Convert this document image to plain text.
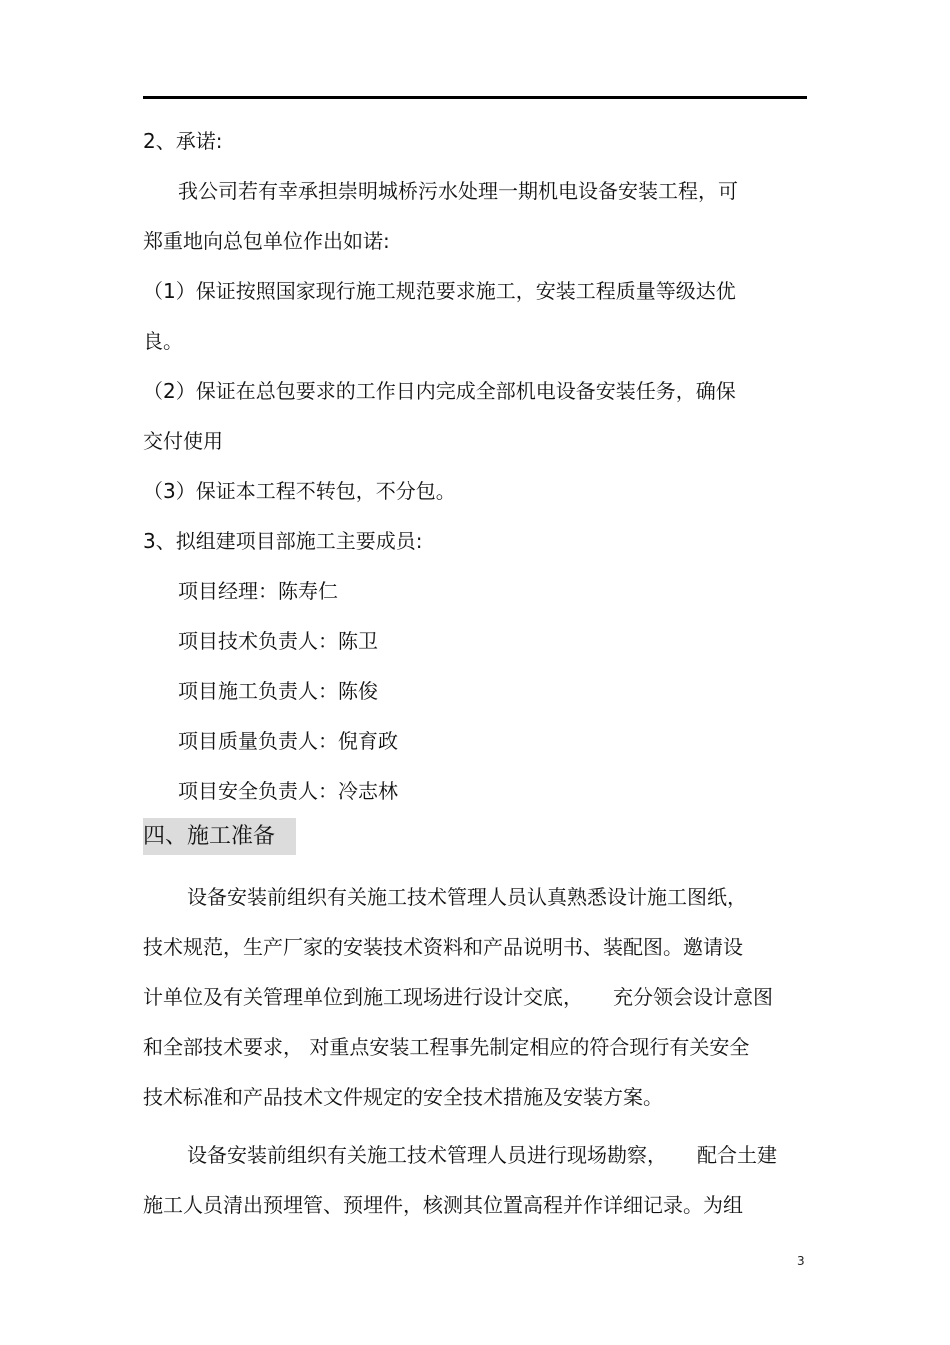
2、承诺:
我公司若有幸承担崇明城桥污水处理一期机电设备安装工程，可
郑重地向总包单位作出如诺:
（1）保证按照国家现行施工规范要求施工，安装工程质量等级达优
良。
（2）保证在总包要求的工作日内完成全部机电设备安装任务，确保
交付使用
（3）保证本工程不转包，不分包。
3、拟组建项目部施工主要成员:
项目经理：陈寿仁
项目技术负责人：陈卫
项目施工负责人：陈俊
项目质量负责人：倪育政
项目安全负责人：冷志林
四、施工准备
设备安装前组织有关施工技术管理人员认真熟悉设计施工图纸，
技术规范，生产厂家的安装技术资料和产品说明书、装配图。邀请设
计单位及有关管理单位到施工现场进行设计交底，　　充分领会设计意图
和全部技术要求， 对重点安装工程事先制定相应的符合现行有关安全
技术标准和产品技术文件规定的安全技术措施及安装方案。
设备安装前组织有关施工技术管理人员进行现场勘察，　　配合土建
施工人员清出预埋管、预埋件，核测其位置高程并作详细记录。为组
3
